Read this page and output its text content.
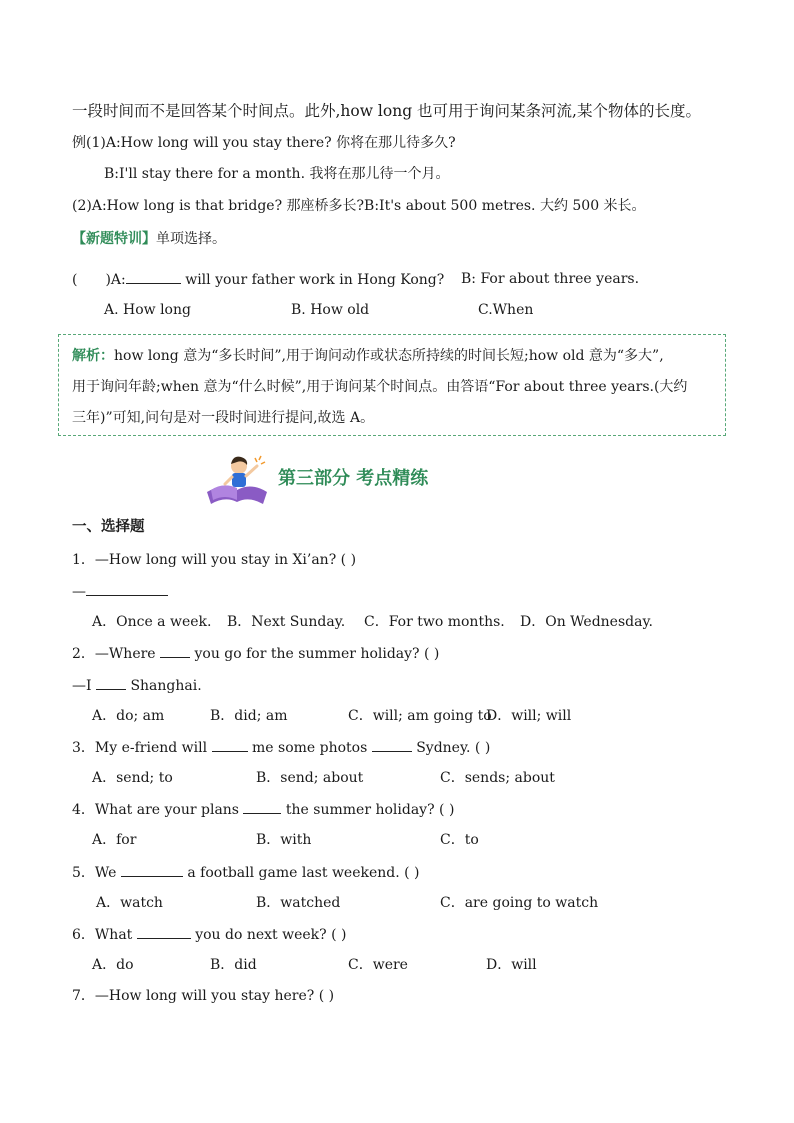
一段时间而不是回答某个时间点。此外,how long 也可用于询问某条河流,某个物体的长度。
例(1)A:How long will you stay there? 你将在那儿待多久?
B:I'll stay there for a month. 我将在那儿待一个月。
(2)A:How long is that bridge? 那座桥多长?B:It's about 500 metres. 大约 500 米长。
【新题特训】单项选择。
( )A:	will your father work in Hong Kong? B: For about three years.
A. How long	B. How old	C.When
解析：how long 意为“多长时间”,用于询问动作或状态所持续的时间长短;how old 意为“多大”,
用于询问年龄;when 意为“什么时候”,用于询问某个时间点。由答语“For about three years.(大约
三年)”可知,问句是对一段时间进行提问,故选 A。
第三部分 考点精练
一、选择题
1．—How long will you stay in Xi’an? ( )
—
A．Once a week. B．Next Sunday. C．For two months. D．On Wednesday.
2．—Where	you go for the summer holiday? ( )
—I	Shanghai.
A．do; am	B．did; am	C．will; am going to
D．will; will
3．My e-friend will	me some photos	Sydney. ( )
A．send; to	B．send; about	C．sends; about
4．What are your plans	the summer holiday? ( )
A．for	B．with	C．to
5．We	a football game last weekend. ( )
A．watch	B．watched	C．are going to watch
6．What	you do next week? ( )
A．do	B．did	C．were	D．will
7．—How long will you stay here? ( )
